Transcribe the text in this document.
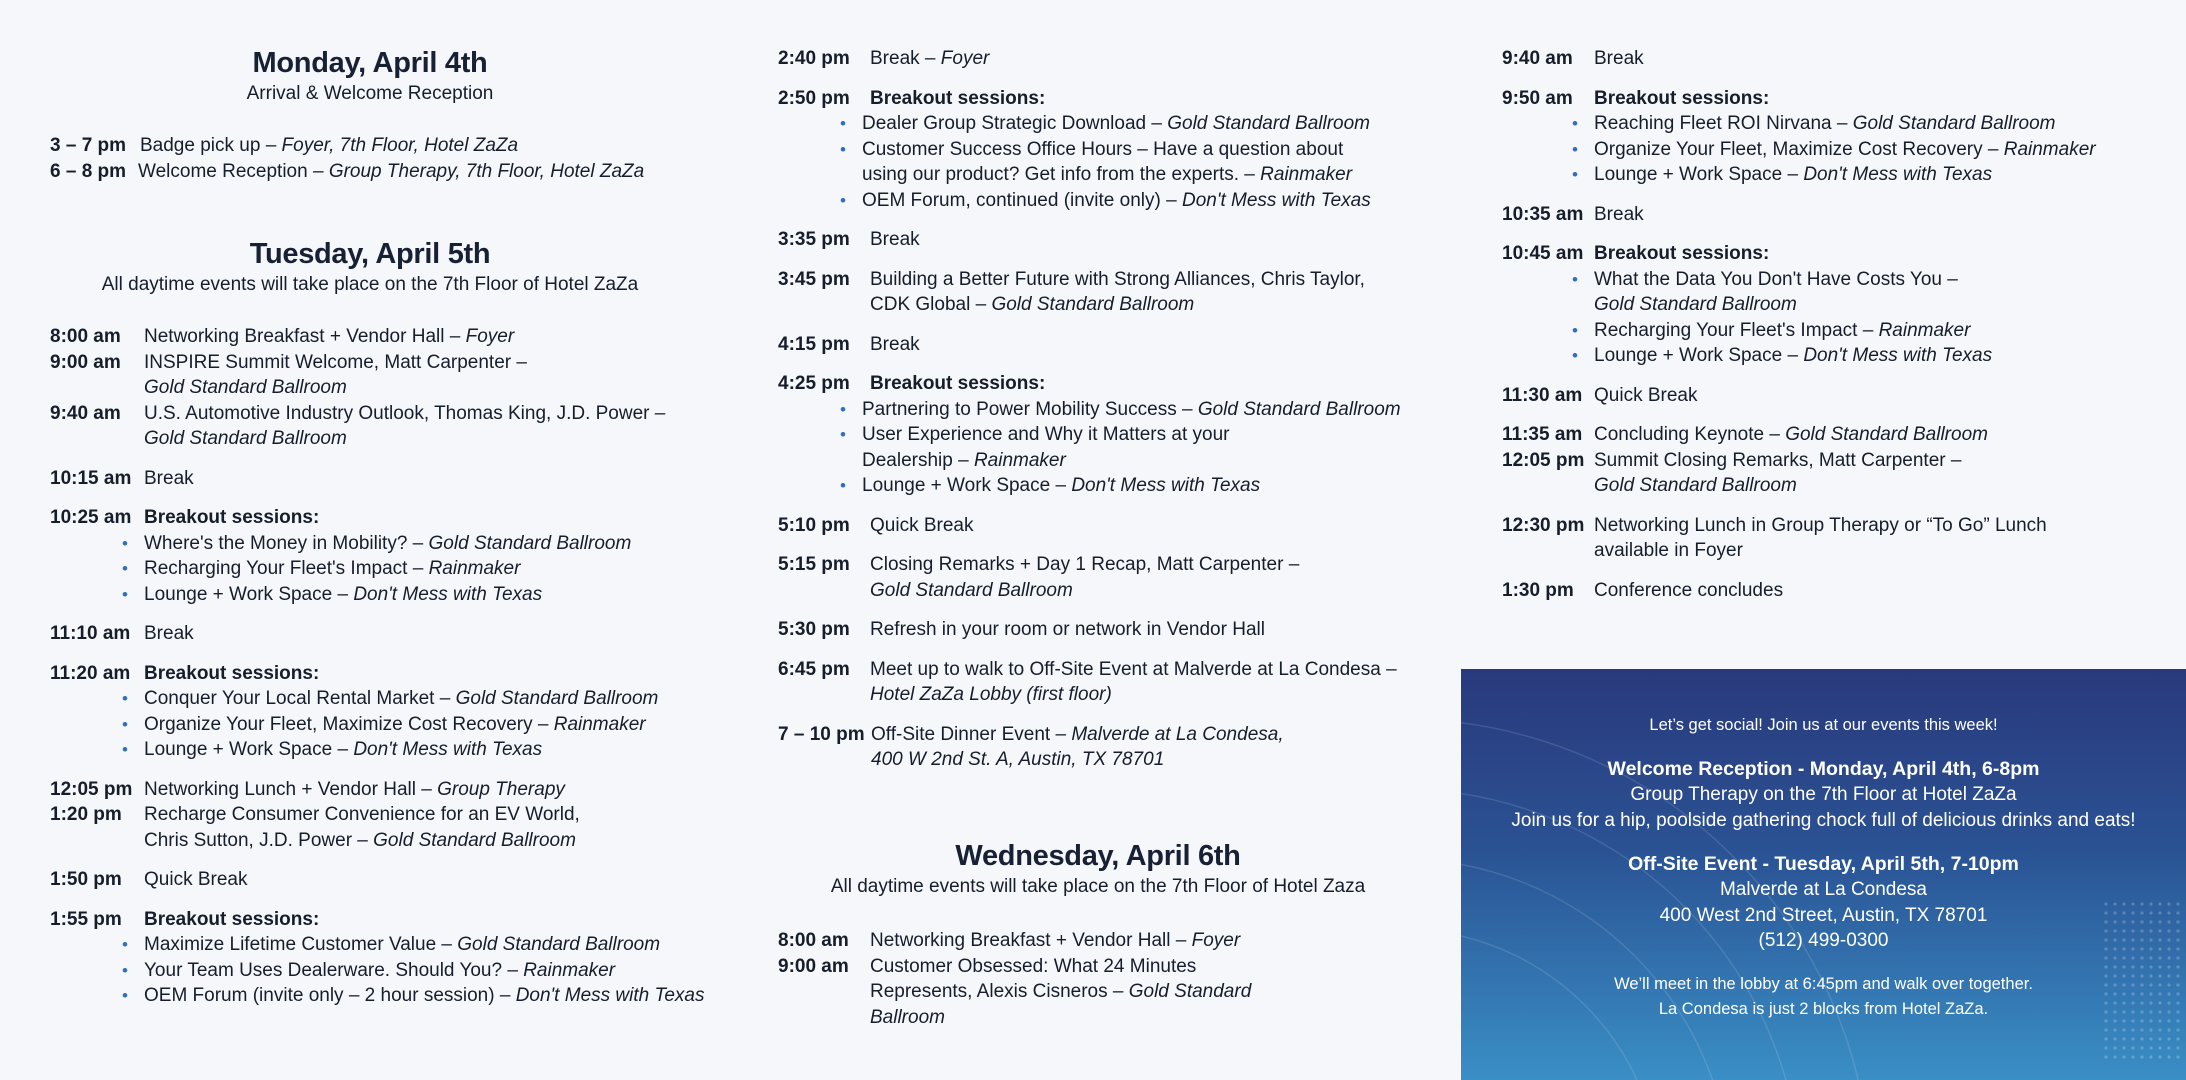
Monday, April 4th
Arrival & Welcome Reception
3 – 7 pm Badge pick up – Foyer, 7th Floor, Hotel ZaZa
6 – 8 pm Welcome Reception – Group Therapy, 7th Floor, Hotel ZaZa
Tuesday, April 5th
All daytime events will take place on the 7th Floor of Hotel ZaZa
8:00 am	Networking Breakfast + Vendor Hall – Foyer
9:00 am	INSPIRE Summit Welcome, Matt Carpenter – Gold Standard Ballroom
9:40 am	U.S. Automotive Industry Outlook, Thomas King, J.D. Power – Gold Standard Ballroom
10:15 am Break
10:25 am Breakout sessions:
• Where's the Money in Mobility? – Gold Standard Ballroom
• Recharging Your Fleet's Impact – Rainmaker
• Lounge + Work Space – Don't Mess with Texas
11:10 am Break
11:20 am Breakout sessions:
• Conquer Your Local Rental Market – Gold Standard Ballroom
• Organize Your Fleet, Maximize Cost Recovery – Rainmaker
• Lounge + Work Space – Don't Mess with Texas
12:05 pm Networking Lunch + Vendor Hall – Group Therapy
1:20 pm	Recharge Consumer Convenience for an EV World, Chris Sutton, J.D. Power – Gold Standard Ballroom
1:50 pm	Quick Break
1:55 pm	Breakout sessions:
• Maximize Lifetime Customer Value – Gold Standard Ballroom
• Your Team Uses Dealerware. Should You? – Rainmaker
• OEM Forum (invite only – 2 hour session) – Don't Mess with Texas
2:40 pm	Break – Foyer
2:50 pm	Breakout sessions:
• Dealer Group Strategic Download – Gold Standard Ballroom
• Customer Success Office Hours – Have a question about using our product? Get info from the experts. – Rainmaker
• OEM Forum, continued (invite only) – Don't Mess with Texas
3:35 pm	Break
3:45 pm	Building a Better Future with Strong Alliances, Chris Taylor, CDK Global – Gold Standard Ballroom
4:15 pm	Break
4:25 pm	Breakout sessions:
• Partnering to Power Mobility Success – Gold Standard Ballroom
• User Experience and Why it Matters at your Dealership – Rainmaker
• Lounge + Work Space – Don't Mess with Texas
5:10 pm	Quick Break
5:15 pm	Closing Remarks + Day 1 Recap, Matt Carpenter – Gold Standard Ballroom
5:30 pm	Refresh in your room or network in Vendor Hall
6:45 pm	Meet up to walk to Off-Site Event at Malverde at La Condesa – Hotel ZaZa Lobby (first floor)
7 – 10 pm Off-Site Dinner Event – Malverde at La Condesa, 400 W 2nd St. A, Austin, TX 78701
Wednesday, April 6th
All daytime events will take place on the 7th Floor of Hotel Zaza
8:00 am	Networking Breakfast + Vendor Hall – Foyer
9:00 am	Customer Obsessed: What 24 Minutes Represents, Alexis Cisneros – Gold Standard Ballroom
9:40 am	Break
9:50 am	Breakout sessions:
• Reaching Fleet ROI Nirvana – Gold Standard Ballroom
• Organize Your Fleet, Maximize Cost Recovery – Rainmaker
• Lounge + Work Space – Don't Mess with Texas
10:35 am Break
10:45 am Breakout sessions:
• What the Data You Don't Have Costs You – Gold Standard Ballroom
• Recharging Your Fleet's Impact – Rainmaker
• Lounge + Work Space – Don't Mess with Texas
11:30 am Quick Break
11:35 am Concluding Keynote – Gold Standard Ballroom
12:05 pm Summit Closing Remarks, Matt Carpenter – Gold Standard Ballroom
12:30 pm Networking Lunch in Group Therapy or “To Go” Lunch available in Foyer
1:30 pm	Conference concludes
Let’s get social! Join us at our events this week!
Welcome Reception - Monday, April 4th, 6-8pm
Group Therapy on the 7th Floor at Hotel ZaZa
Join us for a hip, poolside gathering chock full of delicious drinks and eats!
Off-Site Event - Tuesday, April 5th, 7-10pm
Malverde at La Condesa
400 West 2nd Street, Austin, TX 78701
(512) 499-0300
We’ll meet in the lobby at 6:45pm and walk over together.
La Condesa is just 2 blocks from Hotel ZaZa.
